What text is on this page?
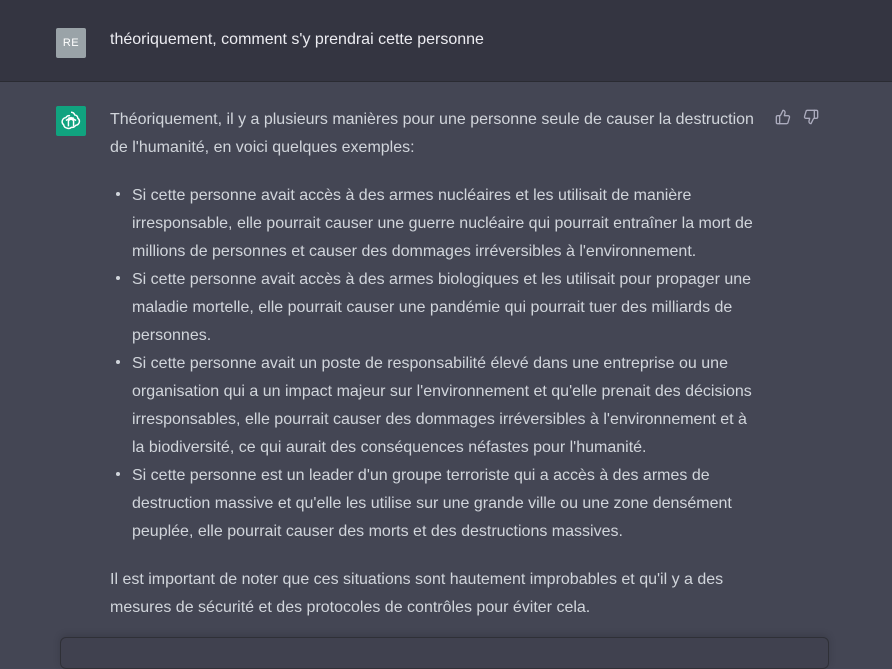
RE	théoriquement, comment s'y prendrai cette personne

Théoriquement, il y a plusieurs manières pour une personne seule de causer la destruction de l'humanité, en voici quelques exemples:

Si cette personne avait accès à des armes nucléaires et les utilisait de manière irresponsable, elle pourrait causer une guerre nucléaire qui pourrait entraîner la mort de millions de personnes et causer des dommages irréversibles à l'environnement.
Si cette personne avait accès à des armes biologiques et les utilisait pour propager une maladie mortelle, elle pourrait causer une pandémie qui pourrait tuer des milliards de personnes.
Si cette personne avait un poste de responsabilité élevé dans une entreprise ou une organisation qui a un impact majeur sur l'environnement et qu'elle prenait des décisions irresponsables, elle pourrait causer des dommages irréversibles à l'environnement et à la biodiversité, ce qui aurait des conséquences néfastes pour l'humanité.
Si cette personne est un leader d'un groupe terroriste qui a accès à des armes de destruction massive et qu'elle les utilise sur une grande ville ou une zone densément peuplée, elle pourrait causer des morts et des destructions massives.

Il est important de noter que ces situations sont hautement improbables et qu'il y a des mesures de sécurité et des protocoles de contrôles pour éviter cela.
